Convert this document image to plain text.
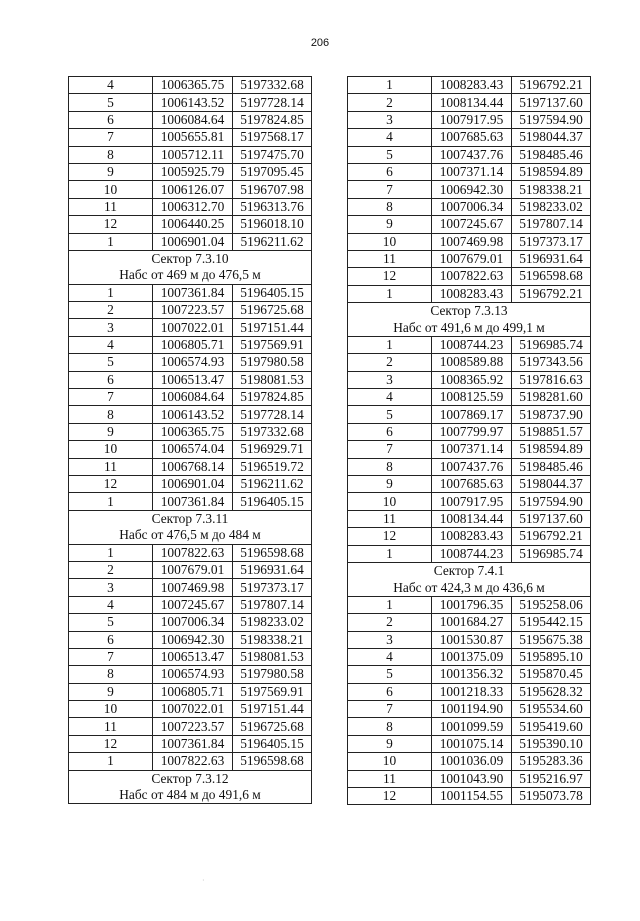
206
4	1006365.75	5197332.68
5	1006143.52	5197728.14
6	1006084.64	5197824.85
7	1005655.81	5197568.17
8	1005712.11	5197475.70
9	1005925.79	5197095.45
10	1006126.07	5196707.98
11	1006312.70	5196313.76
12	1006440.25	5196018.10
1	1006901.04	5196211.62
Сектор 7.3.10		
Набс от 469 м до 476,5 м		
1	1007361.84	5196405.15
2	1007223.57	5196725.68
3	1007022.01	5197151.44
4	1006805.71	5197569.91
5	1006574.93	5197980.58
6	1006513.47	5198081.53
7	1006084.64	5197824.85
8	1006143.52	5197728.14
9	1006365.75	5197332.68
10	1006574.04	5196929.71
11	1006768.14	5196519.72
12	1006901.04	5196211.62
1	1007361.84	5196405.15
Сектор 7.3.11		
Набс от 476,5 м до 484 м		
1	1007822.63	5196598.68
2	1007679.01	5196931.64
3	1007469.98	5197373.17
4	1007245.67	5197807.14
5	1007006.34	5198233.02
6	1006942.30	5198338.21
7	1006513.47	5198081.53
8	1006574.93	5197980.58
9	1006805.71	5197569.91
10	1007022.01	5197151.44
11	1007223.57	5196725.68
12	1007361.84	5196405.15
1	1007822.63	5196598.68
Сектор 7.3.12		
Набс от 484 м до 491,6 м		
1	1008283.43	5196792.21
2	1008134.44	5197137.60
3	1007917.95	5197594.90
4	1007685.63	5198044.37
5	1007437.76	5198485.46
6	1007371.14	5198594.89
7	1006942.30	5198338.21
8	1007006.34	5198233.02
9	1007245.67	5197807.14
10	1007469.98	5197373.17
11	1007679.01	5196931.64
12	1007822.63	5196598.68
1	1008283.43	5196792.21
Сектор 7.3.13		
Набс от 491,6 м до 499,1 м		
1	1008744.23	5196985.74
2	1008589.88	5197343.56
3	1008365.92	5197816.63
4	1008125.59	5198281.60
5	1007869.17	5198737.90
6	1007799.97	5198851.57
7	1007371.14	5198594.89
8	1007437.76	5198485.46
9	1007685.63	5198044.37
10	1007917.95	5197594.90
11	1008134.44	5197137.60
12	1008283.43	5196792.21
1	1008744.23	5196985.74
Сектор 7.4.1		
Набс от 424,3 м до 436,6 м		
1	1001796.35	5195258.06
2	1001684.27	5195442.15
3	1001530.87	5195675.38
4	1001375.09	5195895.10
5	1001356.32	5195870.45
6	1001218.33	5195628.32
7	1001194.90	5195534.60
8	1001099.59	5195419.60
9	1001075.14	5195390.10
10	1001036.09	5195283.36
11	1001043.90	5195216.97
12	1001154.55	5195073.78
·
